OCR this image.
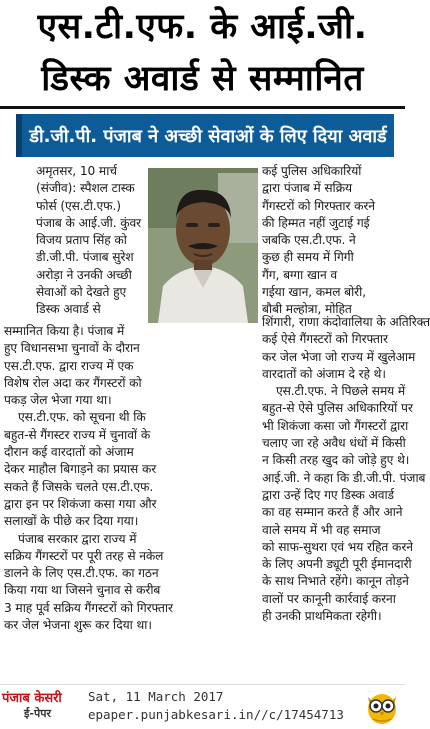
एस.टी.एफ. के आई.जी.
डिस्क अवार्ड से सम्मानित
डी.जी.पी. पंजाब ने अच्छी सेवाओं के लिए दिया अवार्ड
अमृतसर, 10 मार्च
(संजीव): स्पैशल टास्क
फोर्स (एस.टी.एफ.)
पंजाब के आई.जी. कुंवर
विजय प्रताप सिंह को
डी.जी.पी. पंजाब सुरेश
अरोड़ा ने उनकी अच्छी
सेवाओं को देखते हुए
डिस्क अवार्ड से
सम्मानित किया है। पंजाब में
हुए विधानसभा चुनावों के दौरान
एस.टी.एफ. द्वारा राज्य में एक
विशेष रोल अदा कर गैंगस्टरों को
पकड़ जेल भेजा गया था।
एस.टी.एफ. को सूचना थी कि
बहुत-से गैंगस्टर राज्य में चुनावों के
दौरान कई वारदातों को अंजाम
देकर माहौल बिगाड़ने का प्रयास कर
सकते हैं जिसके चलते एस.टी.एफ.
द्वारा इन पर शिकंजा कसा गया और
सलाखों के पीछे कर दिया गया।
पंजाब सरकार द्वारा राज्य में
सक्रिय गैंगस्टरों पर पूरी तरह से नकेल
डालने के लिए एस.टी.एफ. का गठन
किया गया था जिसने चुनाव से करीब
3 माह पूर्व सक्रिय गैंगस्टरों को गिरफ्तार
कर जेल भेजना शुरू कर दिया था।
कई पुलिस अधिकारियों
द्वारा पंजाब में सक्रिय
गैंगस्टरों को गिरफ्तार करने
की हिम्मत नहीं जुटाई गई
जबकि एस.टी.एफ. ने
कुछ ही समय में गिगी
गैंग, बग्गा खान व
गईया खान, कमल बोरी,
बौबी मल्होत्रा, मोहित
शिंगारी, राणा कंदोवालिया के अतिरिक्त
कई ऐसे गैंगस्टरों को गिरफ्तार
कर जेल भेजा जो राज्य में खुलेआम
वारदातों को अंजाम दे रहे थे।
एस.टी.एफ. ने पिछले समय में
बहुत-से ऐसे पुलिस अधिकारियों पर
भी शिकंजा कसा जो गैंगस्टरों द्वारा
चलाए जा रहे अवैध धंधों में किसी
न किसी तरह खुद को जोड़े हुए थे।
आई.जी. ने कहा कि डी.जी.पी. पंजाब
द्वारा उन्हें दिए गए डिस्क अवार्ड
का वह सम्मान करते हैं और आने
वाले समय में भी वह समाज
को साफ-सुथरा एवं भय रहित करने
के लिए अपनी ड्यूटी पूरी ईमानदारी
के साथ निभाते रहेंगे। कानून तोड़ने
वालों पर कानूनी कार्रवाई करना
ही उनकी प्राथमिकता रहेगी।
पंजाब केसरी
ई-पेपर
Sat, 11 March 2017
epaper.punjabkesari.in//c/17454713
